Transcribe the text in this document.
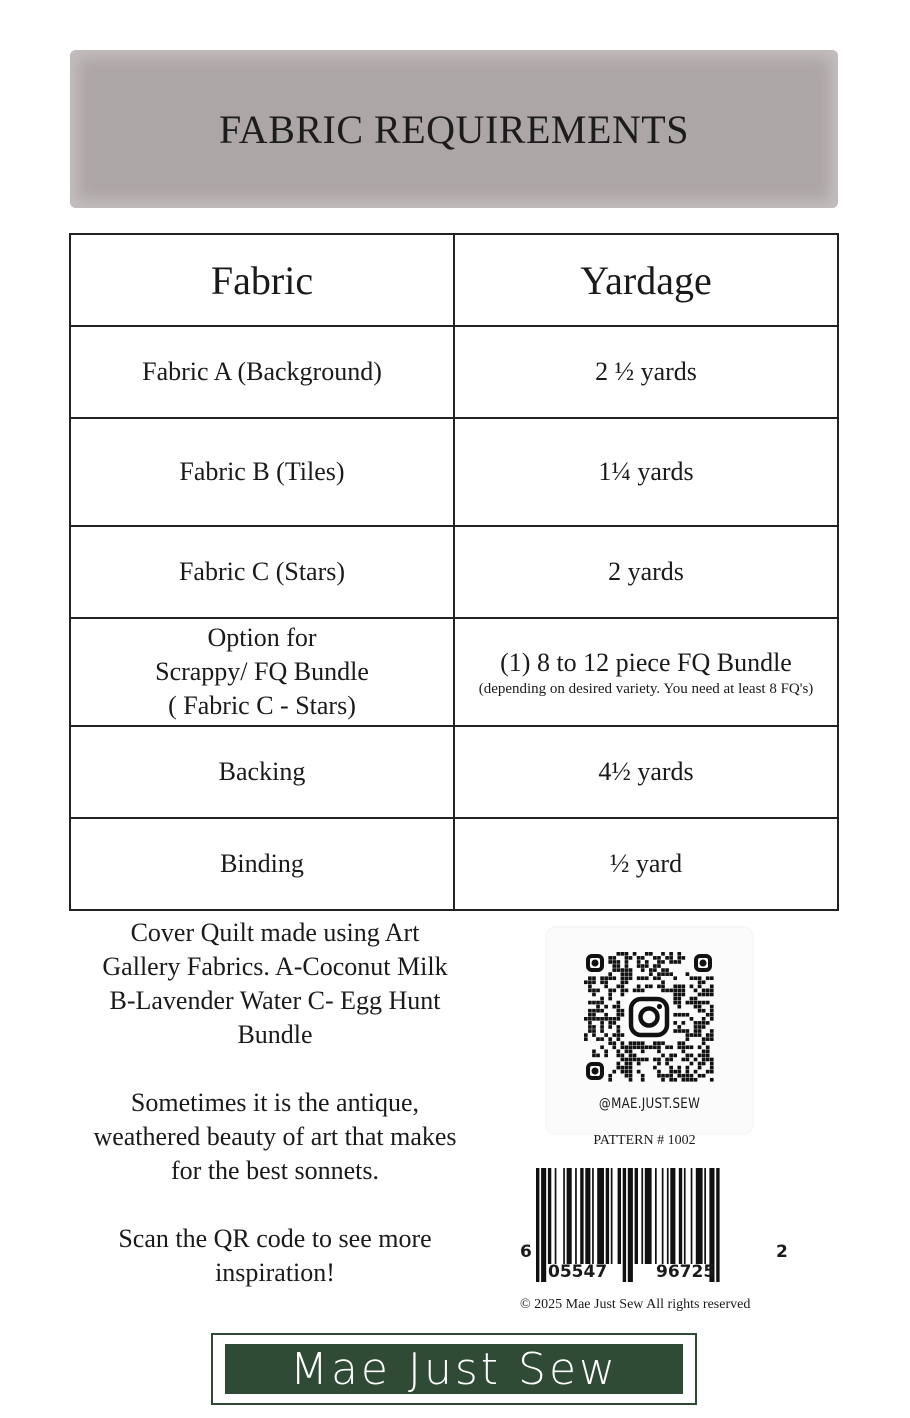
FABRIC REQUIREMENTS
Fabric	Yardage
Fabric A (Background)	2 ½ yards
Fabric B (Tiles)	1¼ yards
Fabric C (Stars)	2 yards
Option for
Scrappy/ FQ Bundle
( Fabric C - Stars)	(1) 8 to 12 piece FQ Bundle
(depending on desired variety. You need at least 8 FQ's)

Backing	4½ yards
Binding	½ yard

Cover Quilt made using Art Gallery Fabrics. A-Coconut Milk B-Lavender Water C- Egg Hunt Bundle

Sometimes it is the antique, weathered beauty of art that makes for the best sonnets.

Scan the QR code to see more inspiration!

@MAE.JUST.SEW
PATTERN # 1002
6
05547	96725
2
© 2025 Mae Just Sew All rights reserved
Mae Just Sew
